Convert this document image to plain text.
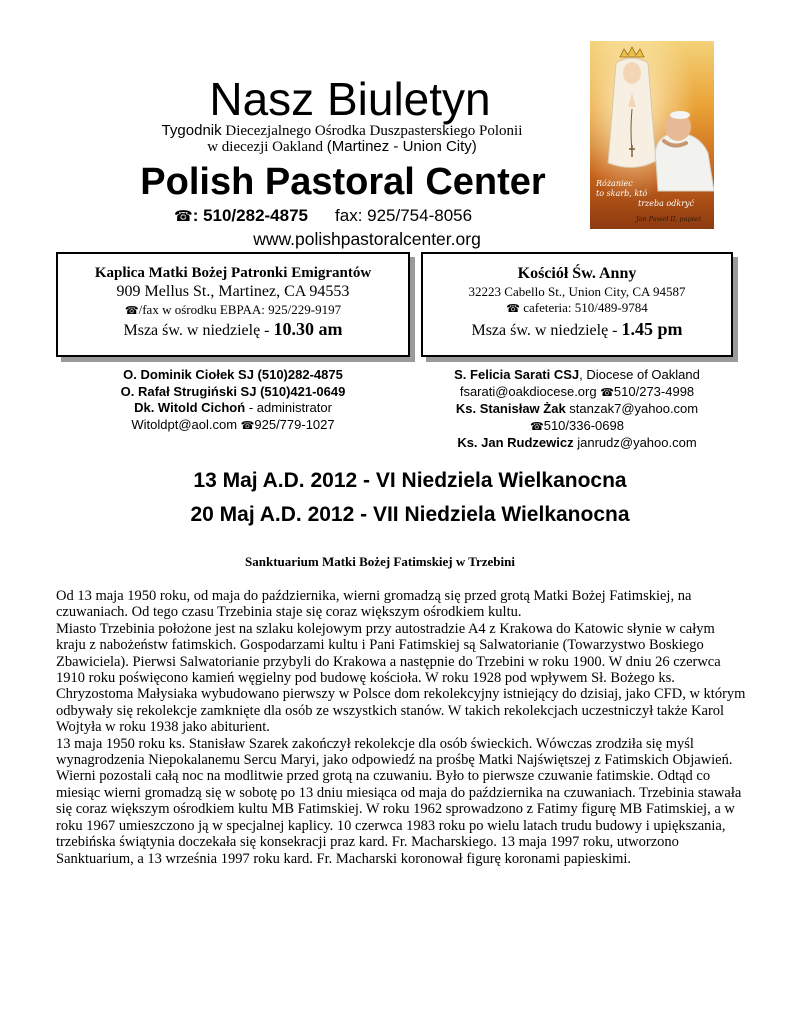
Nasz Biuletyn
Tygodnik Diecezjalnego Ośrodka Duszpasterskiego Polonii
w diecezji Oakland (Martinez - Union City)
Polish Pastoral Center
☎: 510/282-4875 fax: 925/754-8056
www.polishpastoralcenter.org
Różaniec
to skarb, któ
trzeba odkryć
Jan Paweł II, papież
Kaplica Matki Bożej Patronki Emigrantów
909 Mellus St., Martinez, CA 94553
☎/fax w ośrodku EBPAA: 925/229-9197
Msza św. w niedzielę - 10.30 am
Kościół Św. Anny
32223 Cabello St., Union City, CA 94587
☎ cafeteria: 510/489-9784
Msza św. w niedzielę - 1.45 pm
O. Dominik Ciołek SJ (510)282-4875
O. Rafał Strugiński SJ (510)421-0649
Dk. Witold Cichoń - administrator
Witoldpt@aol.com ☎925/779-1027
S. Felicia Sarati CSJ, Diocese of Oakland
fsarati@oakdiocese.org ☎510/273-4998
Ks. Stanisław Żak stanzak7@yahoo.com
☎510/336-0698
Ks. Jan Rudzewicz janrudz@yahoo.com
13 Maj A.D. 2012 - VI Niedziela Wielkanocna
20 Maj A.D. 2012 - VII Niedziela Wielkanocna
Sanktuarium Matki Bożej Fatimskiej w Trzebini

Od 13 maja 1950 roku, od maja do października, wierni gromadzą się przed grotą Matki Bożej Fatimskiej, na czuwaniach. Od tego czasu Trzebinia staje się coraz większym ośrodkiem kultu.

Miasto Trzebinia położone jest na szlaku kolejowym przy autostradzie A4 z Krakowa do Katowic słynie w całym kraju z nabożeństw fatimskich. Gospodarzami kultu i Pani Fatimskiej są Salwatorianie (Towarzystwo Boskiego Zbawiciela). Pierwsi Salwatorianie przybyli do Krakowa a następnie do Trzebini w roku 1900. W dniu 26 czerwca 1910 roku poświęcono kamień węgielny pod budowę kościoła. W roku 1928 pod wpływem Sł. Bożego ks. Chryzostoma Małysiaka wybudowano pierwszy w Polsce dom rekolekcyjny istniejący do dzisiaj, jako CFD, w którym odbywały się rekolekcje zamknięte dla osób ze wszystkich stanów. W takich rekolekcjach uczestniczył także Karol Wojtyła w roku 1938 jako abiturient.

13 maja 1950 roku ks. Stanisław Szarek zakończył rekolekcje dla osób świeckich. Wówczas zrodziła się myśl wynagrodzenia Niepokalanemu Sercu Maryi, jako odpowiedź na prośbę Matki Najświętszej z Fatimskich Objawień. Wierni pozostali całą noc na modlitwie przed grotą na czuwaniu. Było to pierwsze czuwanie fatimskie. Odtąd co miesiąc wierni gromadzą się w sobotę po 13 dniu miesiąca od maja do października na czuwaniach. Trzebinia stawała się coraz większym ośrodkiem kultu MB Fatimskiej. W roku 1962 sprowadzono z Fatimy figurę MB Fatimskiej, a w roku 1967 umieszczono ją w specjalnej kaplicy. 10 czerwca 1983 roku po wielu latach trudu budowy i upiększania, trzebińska świątynia doczekała się konsekracji praz kard. Fr. Macharskiego. 13 maja 1997 roku, utworzono Sanktuarium, a 13 września 1997 roku kard. Fr. Macharski koronował figurę koronami papieskimi.
